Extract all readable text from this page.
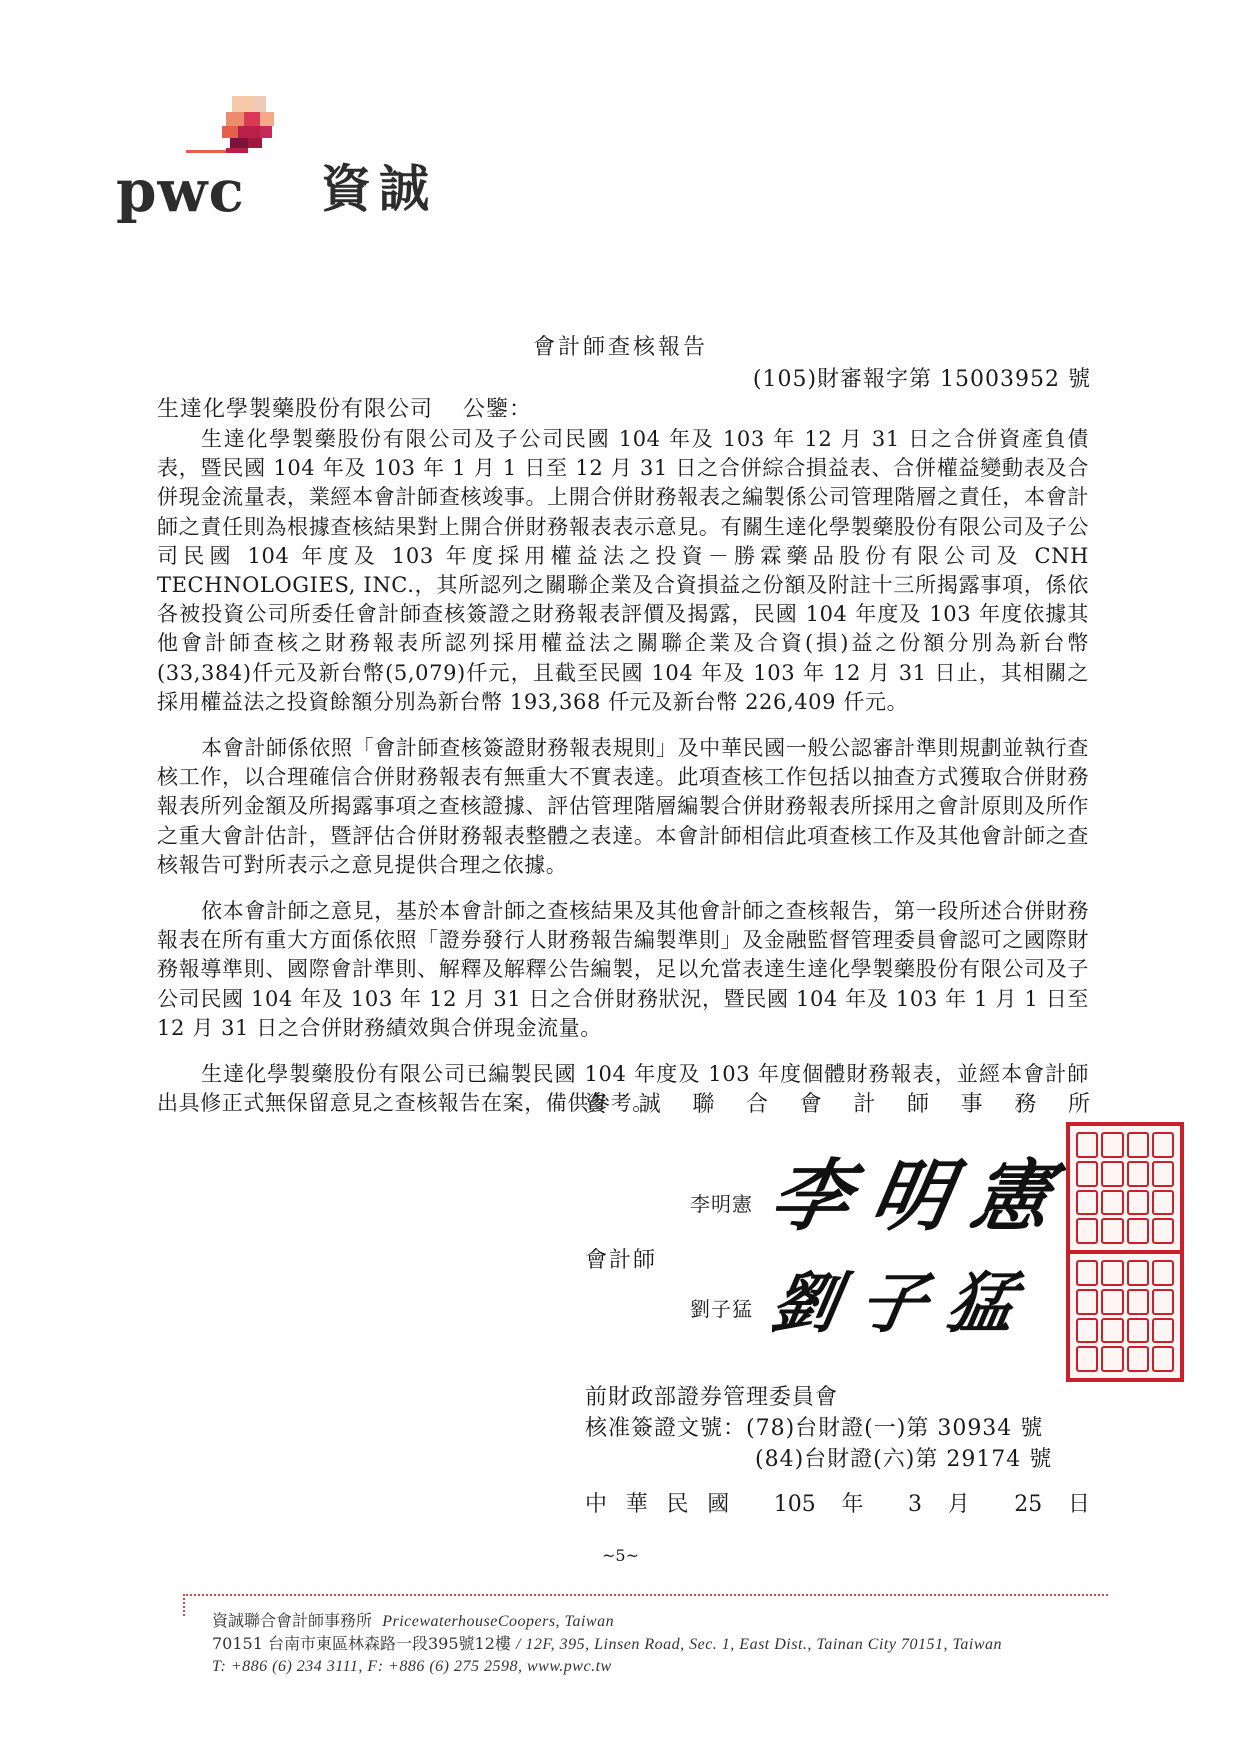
pwc 資誠
會計師查核報告
(105)財審報字第 15003952 號
生達化學製藥股份有限公司 公鑒：

生達化學製藥股份有限公司及子公司民國 104 年及 103 年 12 月 31 日之合併資產負債表，暨民國 104 年及 103 年 1 月 1 日至 12 月 31 日之合併綜合損益表、合併權益變動表及合併現金流量表，業經本會計師查核竣事。上開合併財務報表之編製係公司管理階層之責任，本會計師之責任則為根據查核結果對上開合併財務報表表示意見。有關生達化學製藥股份有限公司及子公司民國 104 年度及 103 年度採用權益法之投資－勝霖藥品股份有限公司及 CNH TECHNOLOGIES, INC.，其所認列之關聯企業及合資損益之份額及附註十三所揭露事項，係依各被投資公司所委任會計師查核簽證之財務報表評價及揭露，民國 104 年度及 103 年度依據其他會計師查核之財務報表所認列採用權益法之關聯企業及合資(損)益之份額分別為新台幣(33,384)仟元及新台幣(5,079)仟元，且截至民國 104 年及 103 年 12 月 31 日止，其相關之採用權益法之投資餘額分別為新台幣 193,368 仟元及新台幣 226,409 仟元。

本會計師係依照「會計師查核簽證財務報表規則」及中華民國一般公認審計準則規劃並執行查核工作，以合理確信合併財務報表有無重大不實表達。此項查核工作包括以抽查方式獲取合併財務報表所列金額及所揭露事項之查核證據、評估管理階層編製合併財務報表所採用之會計原則及所作之重大會計估計，暨評估合併財務報表整體之表達。本會計師相信此項查核工作及其他會計師之查核報告可對所表示之意見提供合理之依據。

依本會計師之意見，基於本會計師之查核結果及其他會計師之查核報告，第一段所述合併財務報表在所有重大方面係依照「證券發行人財務報告編製準則」及金融監督管理委員會認可之國際財務報導準則、國際會計準則、解釋及解釋公告編製，足以允當表達生達化學製藥股份有限公司及子公司民國 104 年及 103 年 12 月 31 日之合併財務狀況，暨民國 104 年及 103 年 1 月 1 日至 12 月 31 日之合併財務績效與合併現金流量。

生達化學製藥股份有限公司已編製民國 104 年度及 103 年度個體財務報表，並經本會計師出具修正式無保留意見之查核報告在案，備供參考。

資誠聯合會計師事務所
李明憲 李明憲
會計師
劉子猛 劉子猛
前財政部證券管理委員會
核准簽證文號：(78)台財證(一)第 30934 號
(84)台財證(六)第 29174 號
中華民國 105 年 3 月 25 日
~5~
資誠聯合會計師事務所 PricewaterhouseCoopers, Taiwan
70151 台南市東區林森路一段395號12樓 / 12F, 395, Linsen Road, Sec. 1, East Dist., Tainan City 70151, Taiwan
T: +886 (6) 234 3111, F: +886 (6) 275 2598, www.pwc.tw
